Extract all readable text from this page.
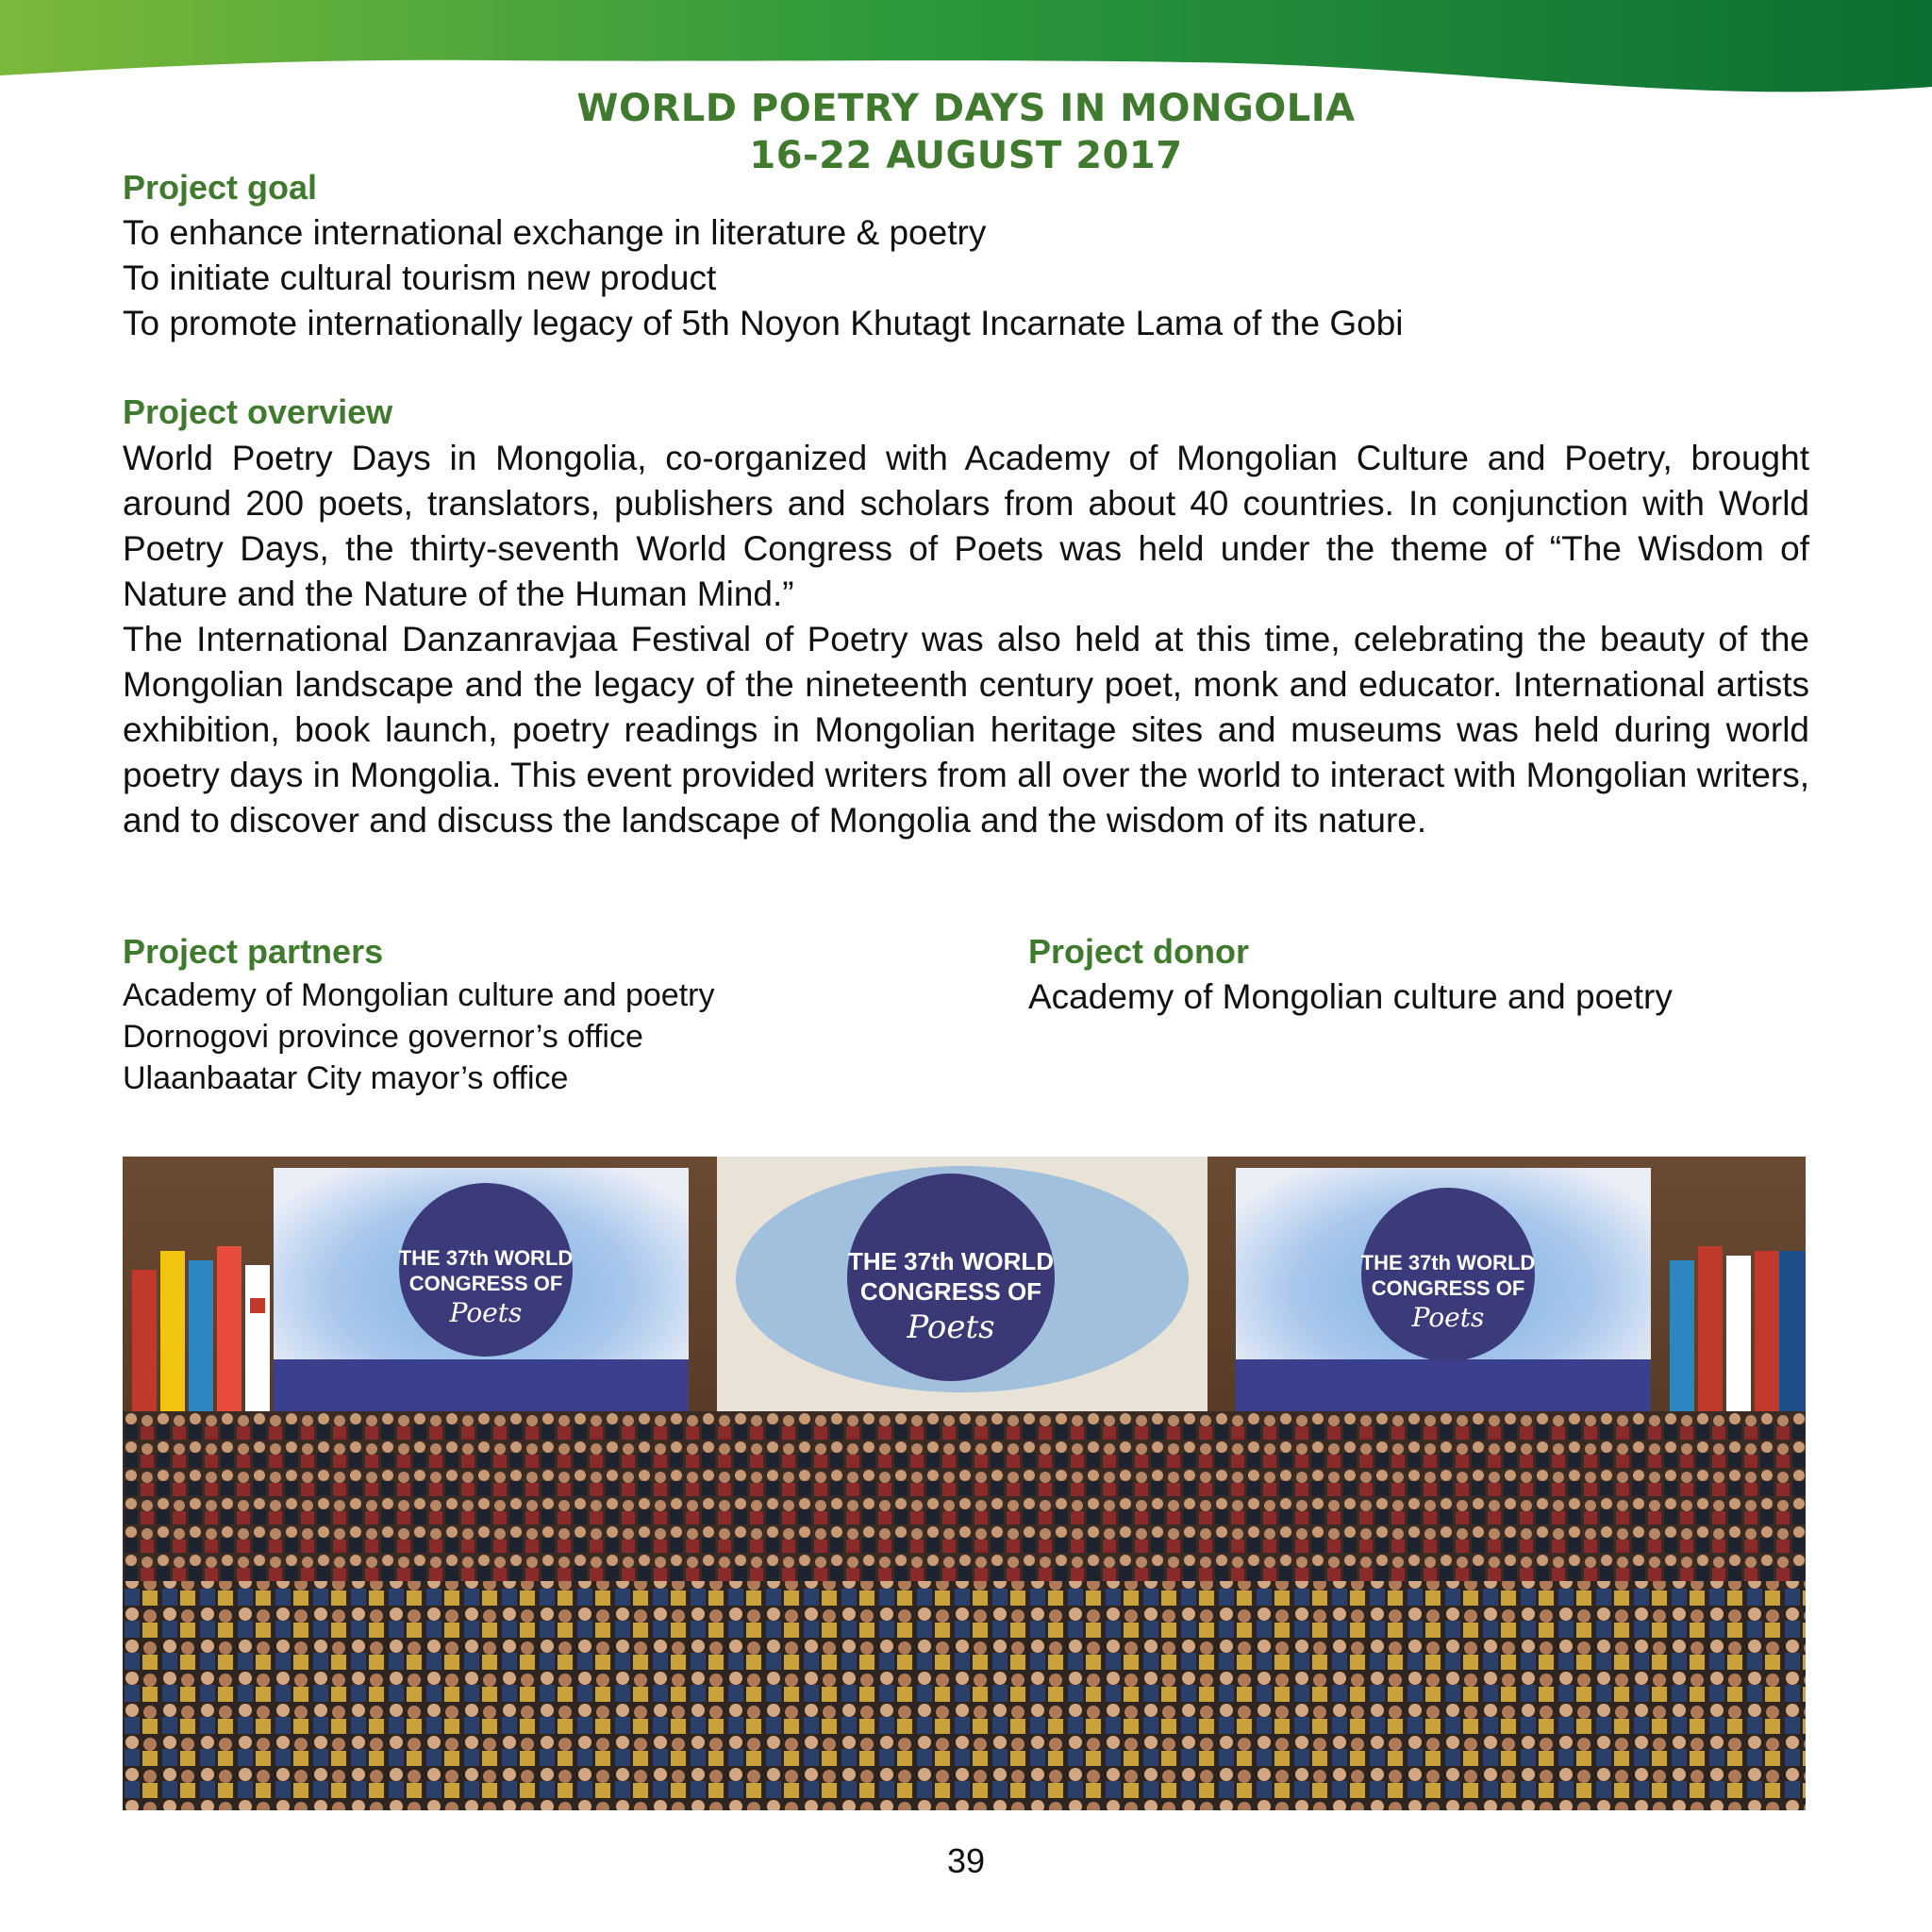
WORLD POETRY DAYS IN MONGOLIA
16-22 AUGUST 2017
Project goal

To enhance international exchange in literature & poetry

To initiate cultural tourism new product

To promote internationally legacy of 5th Noyon Khutagt Incarnate Lama of the Gobi

Project overview

World Poetry Days in Mongolia, co-organized with Academy of Mongolian Culture and Poetry, brought around 200 poets, translators, publishers and scholars from about 40 countries. In conjunction with World Poetry Days, the thirty-seventh World Congress of Poets was held under the theme of “The Wisdom of Nature and the Nature of the Human Mind.”

The International Danzanravjaa Festival of Poetry was also held at this time, celebrating the beauty of the Mongolian landscape and the legacy of the nineteenth century poet, monk and educator. International artists exhibition, book launch, poetry readings in Mongolian heritage sites and museums was held during world poetry days in Mongolia. This event provided writers from all over the world to interact with Mongolian writers, and to discover and discuss the landscape of Mongolia and the wisdom of its nature.

Project partners

Academy of Mongolian culture and poetry

Dornogovi province governor’s office

Ulaanbaatar City mayor’s office

Project donor

Academy of Mongolian culture and poetry

THE 37th WORLD
CONGRESS OF
Poets
THE 37th WORLD
CONGRESS OF
Poets
THE 37th WORLD
CONGRESS OF
Poets
39
